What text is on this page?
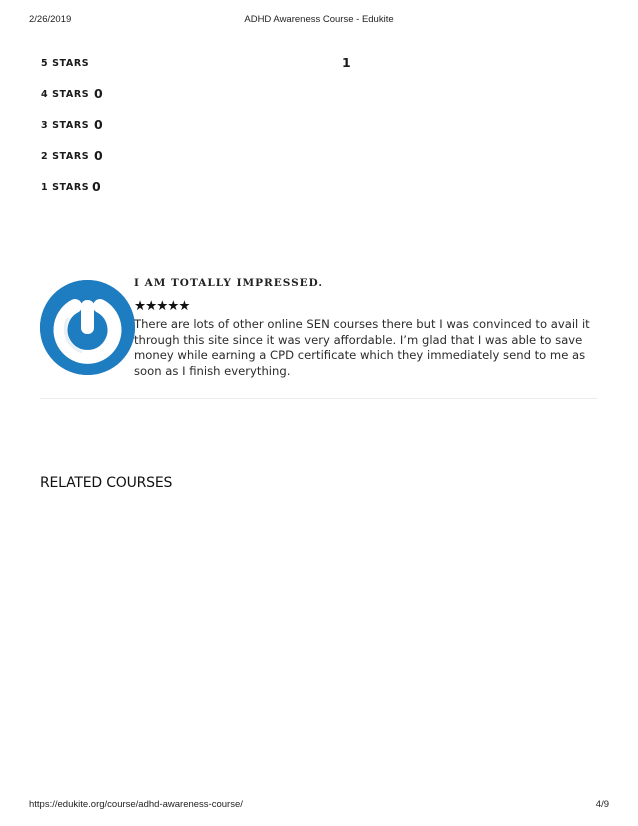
2/26/2019	ADHD Awareness Course - Edukite
5 STARS	1
4 STARS 0
3 STARS 0
2 STARS 0
1 STARS 0
I AM TOTALLY IMPRESSED.
★★★★★

There are lots of other online SEN courses there but I was convinced to avail it through this site since it was very affordable. I’m glad that I was able to save money while earning a CPD certificate which they immediately send to me as soon as I finish everything.

RELATED COURSES
https://edukite.org/course/adhd-awareness-course/	4/9
